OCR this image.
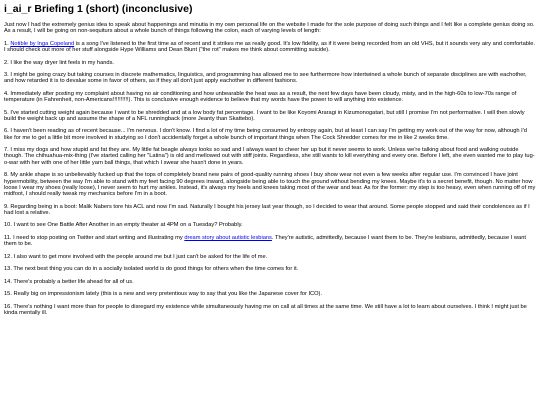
i_ai_r Briefing 1 (short) (inconclusive)

Just now I had the extremely genius idea to speak about happenings and minutia in my own personal life on the website I made for the sole purpose of doing such things and I felt like a complete genius doing so. As a result, I will be going on non-sequiturs about a whole bunch of things following the colon, each of varying levels of length:

1. Notible by Inga Copeland is a song I've listened to the first time as of recent and it strikes me as really good. It's low fidelity, as if it were being recorded from an old VHS, but it sounds very airy and comfortable. I should check out more of her stuff alongside Hype Williams and Dean Blunt ("the rot" makes me think about committing suicide).

2. I like the way dryer lint feels in my hands.

3. I might be going crazy but taking courses in discrete mathematics, linguistics, and programming has allowed me to see furthermore how intertwined a whole bunch of separate disciplines are with eachother, and how retarded it is to devalue some in favor of others, as if they all don't just apply eachother in different fashions.

4. Immediately after posting my complaint about having no air conditioning and how unbearable the heat was as a result, the next few days have been cloudy, misty, and in the high-60s to low-70s range of temperature (in Fahrenheit, non-Americans!!!!!!!!!!). This is conclusive enough evidence to believe that my words have the power to will anything into existence.

5. I've started cutting weight again because I want to be shredded and at a low body fat percentage. I want to be like Koyomi Araragi in Kizumonogatari, but still I promise I'm not performative. I will then slowly build the weight back up and assume the shape of a NFL runningback (more Jeanty than Skattebo).

6. I haven't been reading as of recent because... I'm nervous. I don't know. I find a lot of my time being consumed by entropy again, but at least I can say I'm getting my work out of the way for now, although I'd like for me to get a little bit more involved in studying so I don't accidentally forget a whole bunch of important things when The Cock Shredder comes for me in like 2 weeks time.

7. I miss my dogs and how stupid and fat they are. My little fat beagle always looks so sad and I always want to cheer her up but it never seems to work. Unless we're talking about food and walking outside though. The chihuahua-mix-thing (I've started calling her "Latina") is old and mellowed out with stiff joints. Regardless, she still wants to kill everything and every one. Before I left, she even wanted me to play tug-o-war with her with one of her little yarn ball things, that which I swear she hasn't done in years.

8. My ankle shape is so unbelievably fucked up that the tops of completely brand new pairs of good-quality running shoes I buy show wear not even a few weeks after regular use. I'm convinced I have joint hypermobility, between the way I'm able to stand with my feet facing 90 degrees inward, alongside being able to touch the ground without bending my knees. Maybe it's to a secret benefit, though. No matter how loose I wear my shoes (really loose), I never seem to hurt my ankles. Instead, it's always my heels and knees taking most of the wear and tear. As for the former: my step is too heavy, even when running off of my midfoot, I should really tweak my mechanics before I'm in a boot.

9. Regarding being in a boot: Malik Nabers tore his ACL and now I'm sad. Naturally I bought his jersey last year though, so I decided to wear that around. Some people stopped and said their condolences as if I had lost a relative.

10. I want to see One Battle After Another in an empty theater at 4PM on a Tuesday? Probably.

11. I need to stop posting on Twitter and start writing and illustrating my dream story about autistic lesbians. They're autistic, admittedly, because I want them to be. They're lesbians, admittedly, because I want them to be.

12. I also want to get more involved with the people around me but I just can't be asked for the life of me.

13. The next best thing you can do in a socially isolated world is do good things for others when the time comes for it.

14. There's probably a better life ahead for all of us.

15. Really big on impressionism lately (this is a new and very pretentious way to say that you like the Japanese cover for ICO).

16. There's nothing I want more than for people to disregard my existence while simultaneously having me on call at all times at the same time. We still have a lot to learn about ourselves. I think I might just be kinda mentally ill.
